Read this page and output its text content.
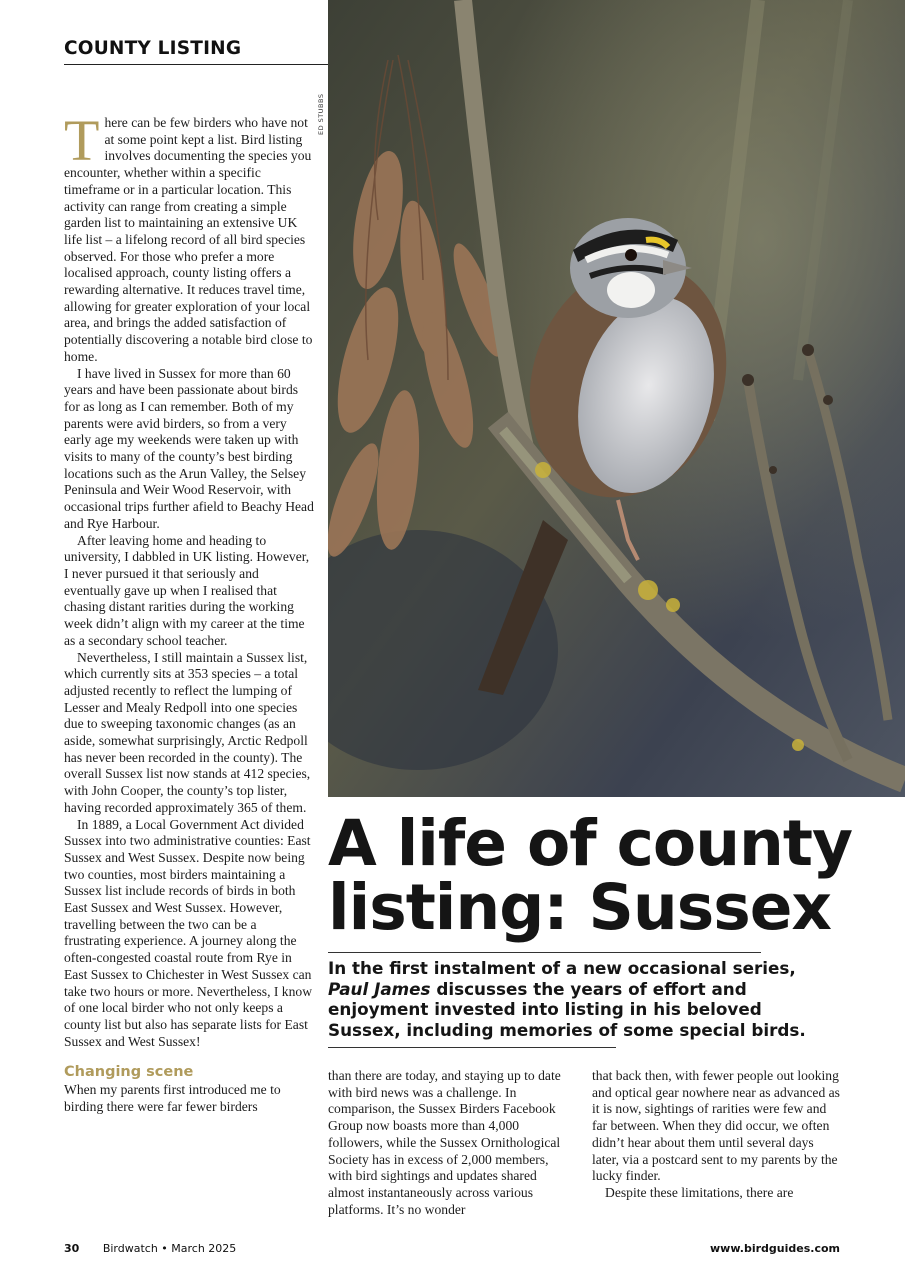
COUNTY LISTING
ED STUBBS

There can be few birders who have not at some point kept a list. Bird listing involves documenting the species you encounter, whether within a specific timeframe or in a particular location. This activity can range from creating a simple garden list to maintaining an extensive UK life list – a lifelong record of all bird species observed. For those who prefer a more localised approach, county listing offers a rewarding alternative. It reduces travel time, allowing for greater exploration of your local area, and brings the added satisfaction of potentially discovering a notable bird close to home.

I have lived in Sussex for more than 60 years and have been passionate about birds for as long as I can remember. Both of my parents were avid birders, so from a very early age my weekends were taken up with visits to many of the county’s best birding locations such as the Arun Valley, the Selsey Peninsula and Weir Wood Reservoir, with occasional trips further afield to Beachy Head and Rye Harbour.

After leaving home and heading to university, I dabbled in UK listing. However, I never pursued it that seriously and eventually gave up when I realised that chasing distant rarities during the working week didn’t align with my career at the time as a secondary school teacher.

Nevertheless, I still maintain a Sussex list, which currently sits at 353 species – a total adjusted recently to reflect the lumping of Lesser and Mealy Redpoll into one species due to sweeping taxonomic changes (as an aside, somewhat surprisingly, Arctic Redpoll has never been recorded in the county). The overall Sussex list now stands at 412 species, with John Cooper, the county’s top lister, having recorded approximately 365 of them.

In 1889, a Local Government Act divided Sussex into two administrative counties: East Sussex and West Sussex. Despite now being two counties, most birders maintaining a Sussex list include records of birds in both East Sussex and West Sussex. However, travelling between the two can be a frustrating experience. A journey along the often-congested coastal route from Rye in East Sussex to Chichester in West Sussex can take two hours or more. Nevertheless, I know of one local birder who not only keeps a county list but also has separate lists for East Sussex and West Sussex!

Changing scene

When my parents first introduced me to birding there were far fewer birders

A life of county
listing: Sussex
In the first instalment of a new occasional series, Paul James discusses the years of effort and enjoyment invested into listing in his beloved Sussex, including memories of some special birds.

than there are today, and staying up to date with bird news was a challenge. In comparison, the Sussex Birders Facebook Group now boasts more than 4,000 followers, while the Sussex Ornithological Society has in excess of 2,000 members, with bird sightings and updates shared almost instantaneously across various platforms. It’s no wonder

that back then, with fewer people out looking and optical gear nowhere near as advanced as it is now, sightings of rarities were few and far between. When they did occur, we often didn’t hear about them until several days later, via a postcard sent to my parents by the lucky finder.

Despite these limitations, there are

30 Birdwatch • March 2025	www.birdguides.com
